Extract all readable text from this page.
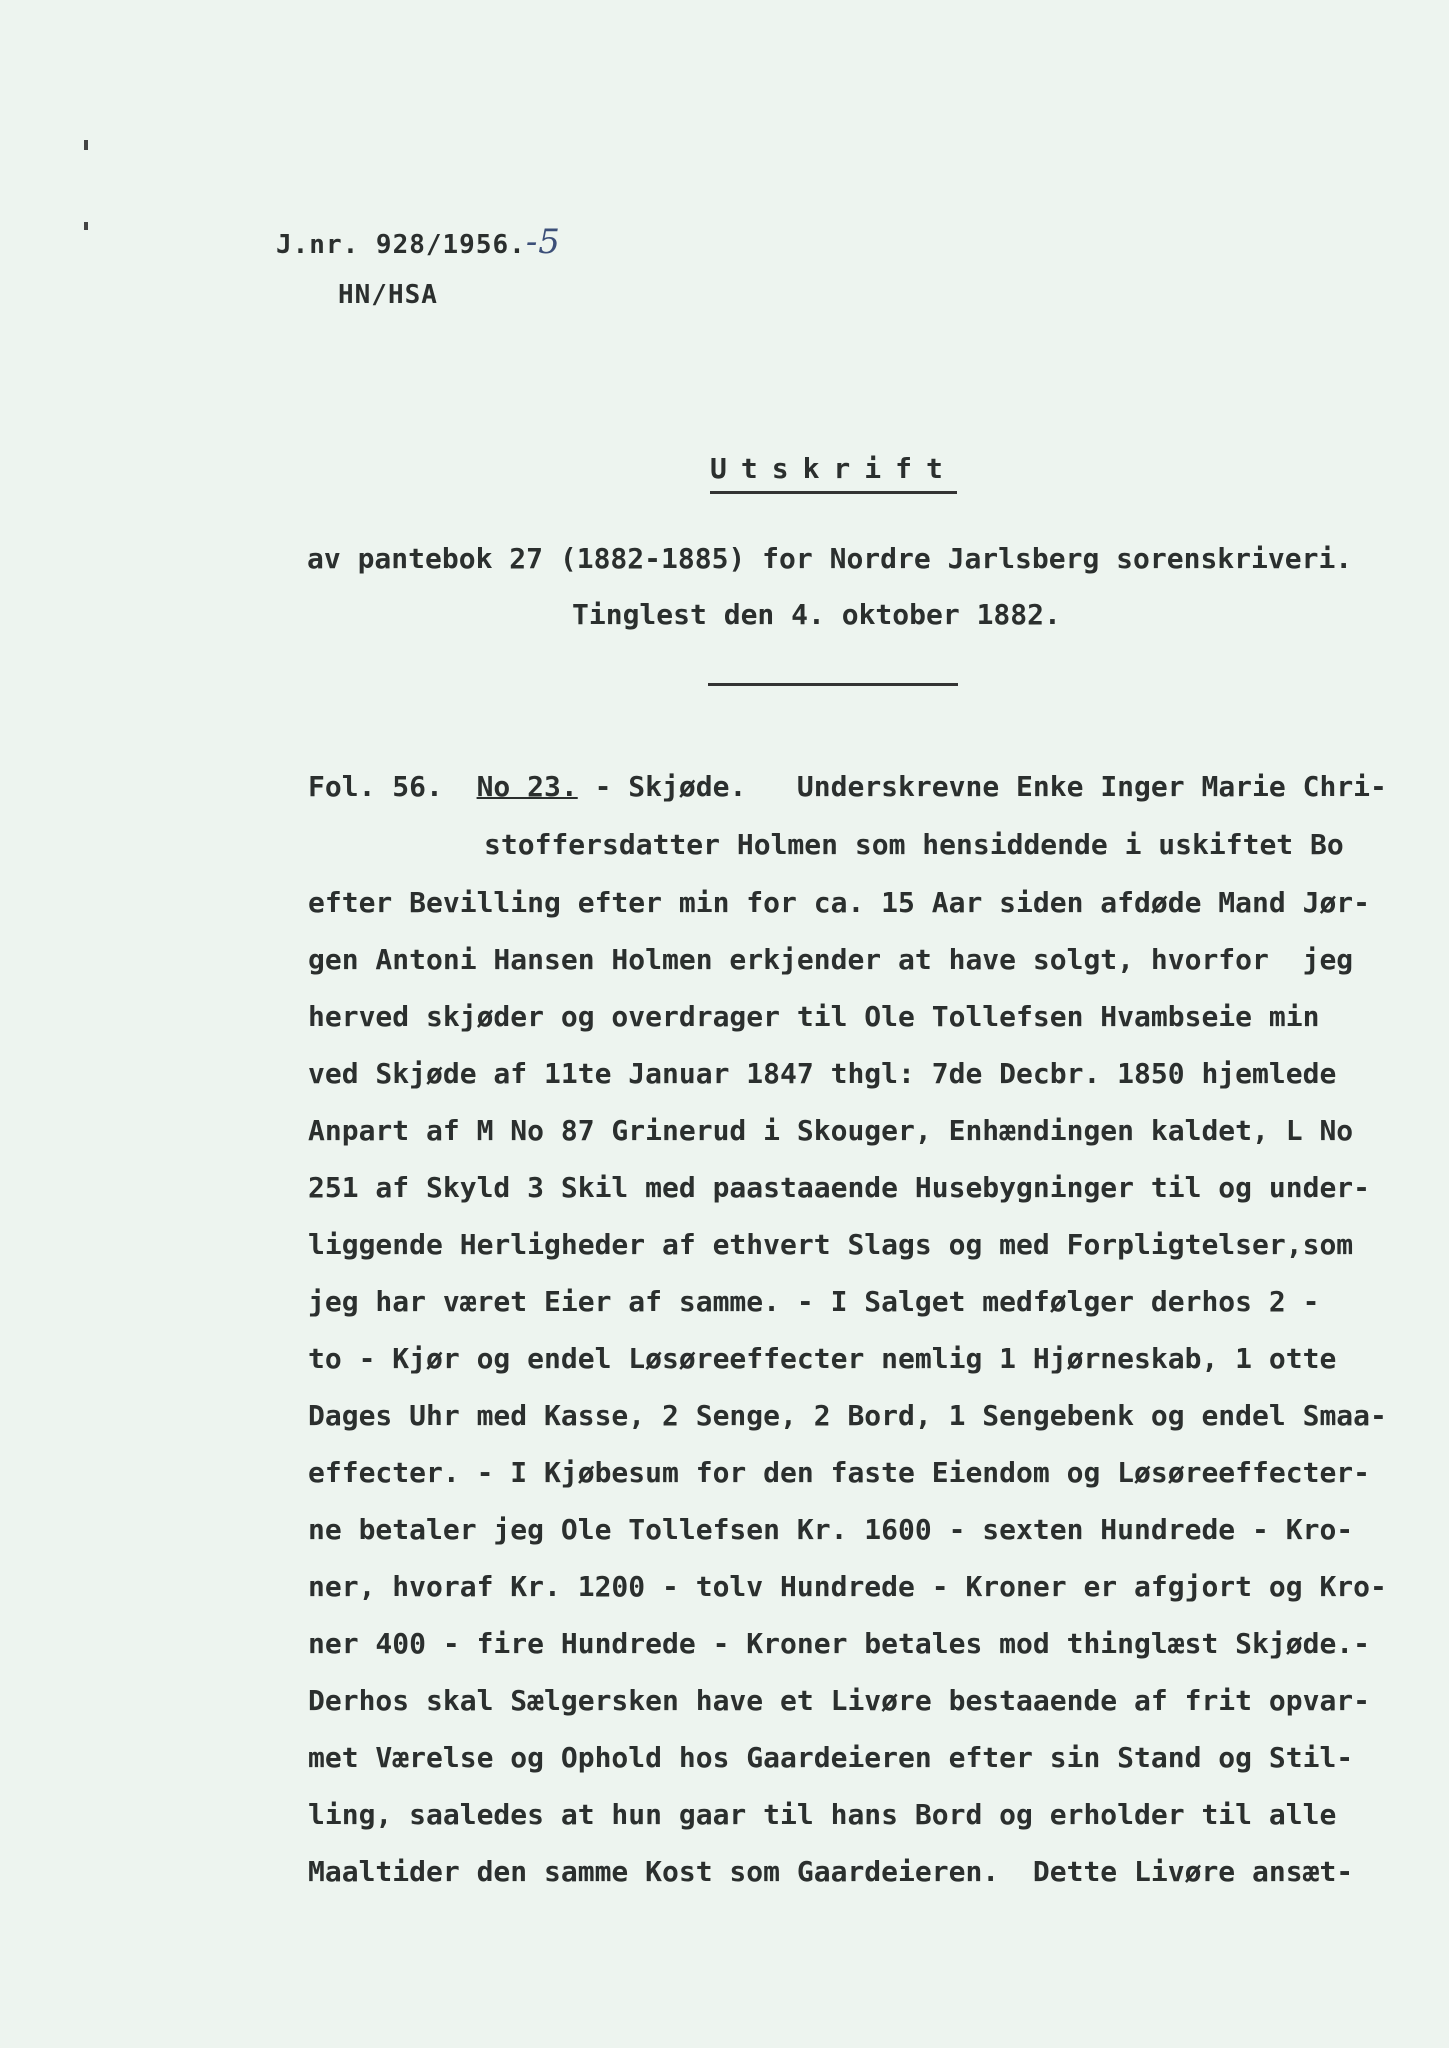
J.nr. 928/1956.-5
HN/HSA
Utskrift
av pantebok 27 (1882-1885) for Nordre Jarlsberg sorenskriveri.
Tinglest den 4. oktober 1882.
Fol. 56. No 23. - Skjøde. Underskrevne Enke Inger Marie Chri-
stoffersdatter Holmen som hensiddende i uskiftet Bo
efter Bevilling efter min for ca. 15 Aar siden afdøde Mand Jør-
gen Antoni Hansen Holmen erkjender at have solgt, hvorfor  jeg
herved skjøder og overdrager til Ole Tollefsen Hvambseie min
ved Skjøde af 11te Januar 1847 thgl: 7de Decbr. 1850 hjemlede
Anpart af M No 87 Grinerud i Skouger, Enhændingen kaldet, L No
251 af Skyld 3 Skil med paastaaende Husebygninger til og under-
liggende Herligheder af ethvert Slags og med Forpligtelser,som
jeg har været Eier af samme. - I Salget medfølger derhos 2 -
to - Kjør og endel Løsøreeffecter nemlig 1 Hjørneskab, 1 otte
Dages Uhr med Kasse, 2 Senge, 2 Bord, 1 Sengebenk og endel Smaa-
effecter. - I Kjøbesum for den faste Eiendom og Løsøreeffecter-
ne betaler jeg Ole Tollefsen Kr. 1600 - sexten Hundrede - Kro-
ner, hvoraf Kr. 1200 - tolv Hundrede - Kroner er afgjort og Kro-
ner 400 - fire Hundrede - Kroner betales mod thinglæst Skjøde.-
Derhos skal Sælgersken have et Livøre bestaaende af frit opvar-
met Værelse og Ophold hos Gaardeieren efter sin Stand og Stil-
ling, saaledes at hun gaar til hans Bord og erholder til alle
Maaltider den samme Kost som Gaardeieren.  Dette Livøre ansæt-
